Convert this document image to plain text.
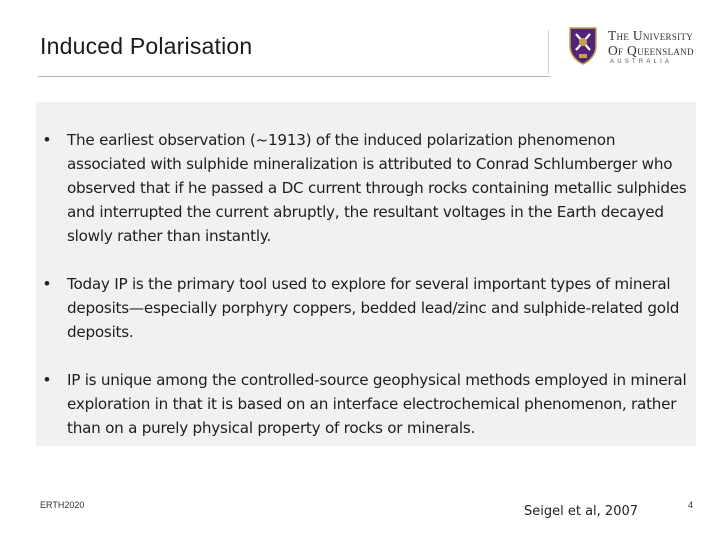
Induced Polarisation	The University
Of Queensland
AUSTRALIA
• The earliest observation (~1913) of the induced polarization phenomenon associated with sulphide mineralization is attributed to Conrad Schlumberger who observed that if he passed a DC current through rocks containing metallic sulphides and interrupted the current abruptly, the resultant voltages in the Earth decayed slowly rather than instantly.
• Today IP is the primary tool used to explore for several important types of mineral deposits—especially porphyry coppers, bedded lead/zinc and sulphide-related gold deposits.
• IP is unique among the controlled-source geophysical methods employed in mineral exploration in that it is based on an interface electrochemical phenomenon, rather than on a purely physical property of rocks or minerals.
ERTH2020	Seigel et al, 2007	4
